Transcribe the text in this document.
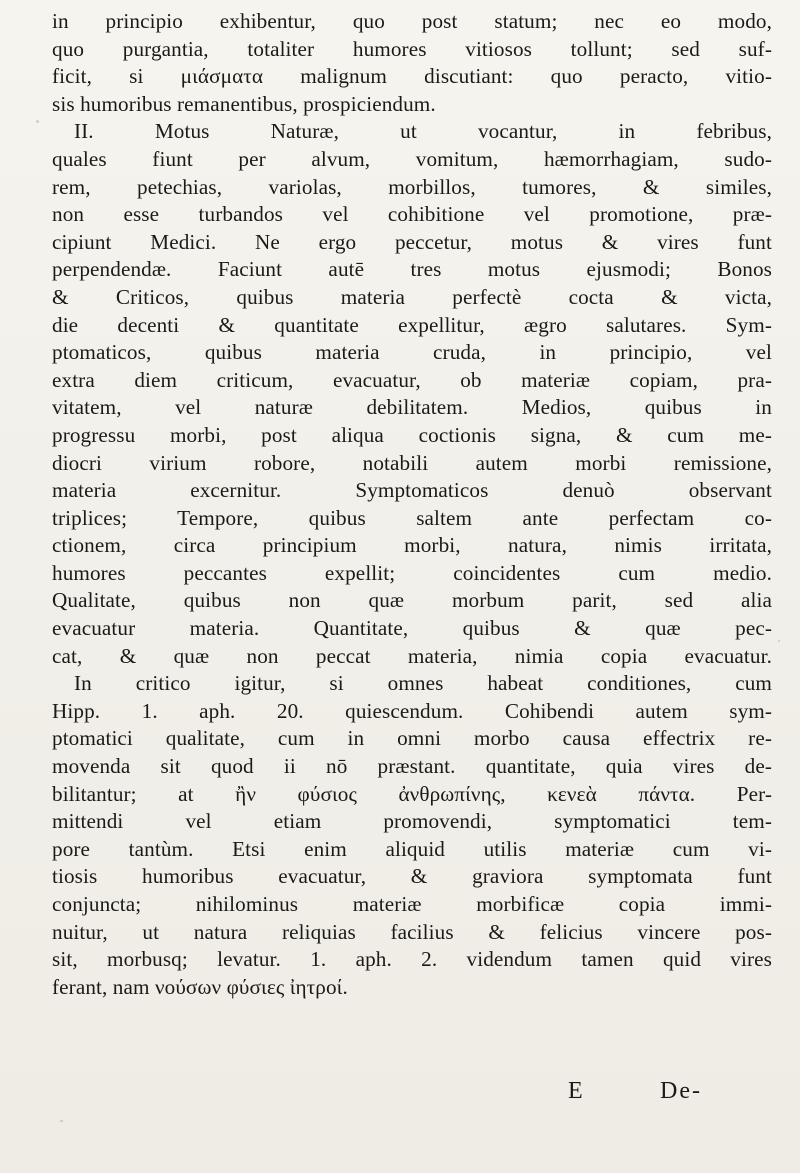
in principio exhibentur, quo post statum; nec eo modo,
quo purgantia, totaliter humores vitiosos tollunt; sed suf-
ficit, si μιάσματα malignum discutiant: quo peracto, vitio-
sis humoribus remanentibus, prospiciendum.
II. Motus Naturæ, ut vocantur, in febribus,
quales fiunt per alvum, vomitum, hæmorrhagiam, sudo-
rem, petechias, variolas, morbillos, tumores, & similes,
non esse turbandos vel cohibitione vel promotione, præ-
cipiunt Medici. Ne ergo peccetur, motus & vires funt
perpendendæ. Faciunt autē tres motus ejusmodi; Bonos
& Criticos, quibus materia perfectè cocta & victa,
die decenti & quantitate expellitur, ægro salutares. Sym-
ptomaticos, quibus materia cruda, in principio, vel
extra diem criticum, evacuatur, ob materiæ copiam, pra-
vitatem, vel naturæ debilitatem. Medios, quibus in
progressu morbi, post aliqua coctionis signa, & cum me-
diocri virium robore, notabili autem morbi remissione,
materia excernitur. Symptomaticos denuò observant
triplices; Tempore, quibus saltem ante perfectam co-
ctionem, circa principium morbi, natura, nimis irritata,
humores peccantes expellit; coincidentes cum medio.
Qualitate, quibus non quæ morbum parit, sed alia
evacuatur materia. Quantitate, quibus & quæ pec-
cat, & quæ non peccat materia, nimia copia evacuatur.
In critico igitur, si omnes habeat conditiones, cum
Hipp. 1. aph. 20. quiescendum. Cohibendi autem sym-
ptomatici qualitate, cum in omni morbo causa effectrix re-
movenda sit quod ii nō præstant. quantitate, quia vires de-
bilitantur; at ἢν φύσιος ἀνθρωπίνης, κενεὰ πάντα. Per-
mittendi vel etiam promovendi, symptomatici tem-
pore tantùm. Etsi enim aliquid utilis materiæ cum vi-
tiosis humoribus evacuatur, & graviora symptomata funt
conjuncta; nihilominus materiæ morbificæ copia immi-
nuitur, ut natura reliquias facilius & felicius vincere pos-
sit, morbusq; levatur. 1. aph. 2. videndum tamen quid vires
ferant, nam νούσων φύσιες ἰητροί.
E	De-
